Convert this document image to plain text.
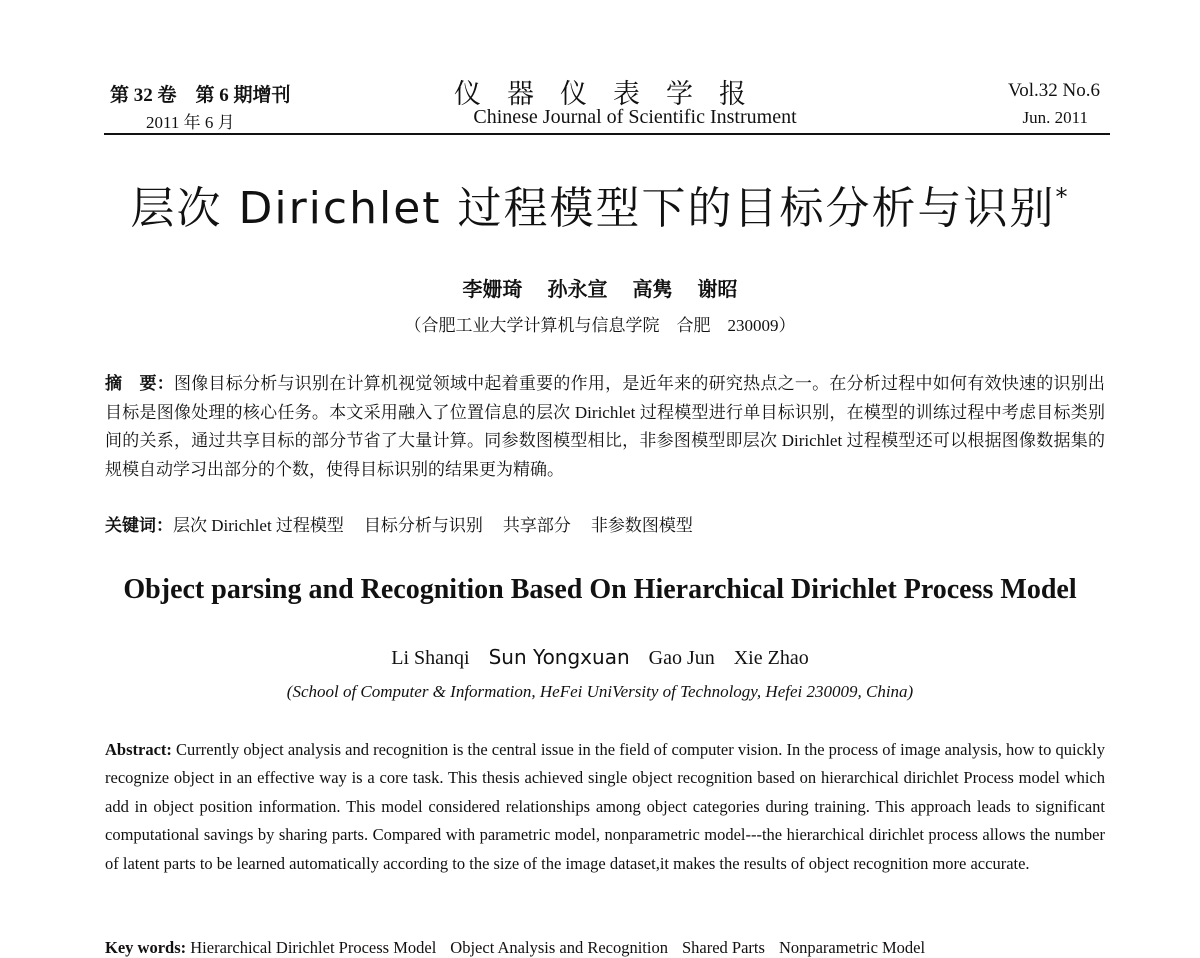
第 32 卷　第 6 期增刊
2011 年 6 月
仪器仪表学报
Chinese Journal of Scientific Instrument
Vol.32 No.6
Jun. 2011
层次 Dirichlet 过程模型下的目标分析与识别*
李姗琦 孙永宣 高隽 谢昭
（合肥工业大学计算机与信息学院　合肥　230009）
摘　要：图像目标分析与识别在计算机视觉领域中起着重要的作用，是近年来的研究热点之一。在分析过程中如何有效快速的识别出目标是图像处理的核心任务。本文采用融入了位置信息的层次 Dirichlet 过程模型进行单目标识别，在模型的训练过程中考虑目标类别间的关系，通过共享目标的部分节省了大量计算。同参数图模型相比，非参图模型即层次 Dirichlet 过程模型还可以根据图像数据集的规模自动学习出部分的个数，使得目标识别的结果更为精确。
关键词：层次 Dirichlet 过程模型 目标分析与识别 共享部分 非参数图模型
Object parsing and Recognition Based On Hierarchical Dirichlet Process Model
Li Shanqi Sun Yongxuan Gao Jun Xie Zhao
(School of Computer & Information, HeFei UniVersity of Technology, Hefei 230009, China)
Abstract: Currently object analysis and recognition is the central issue in the field of computer vision. In the process of image analysis, how to quickly recognize object in an effective way is a core task. This thesis achieved single object recognition based on hierarchical dirichlet Process model which add in object position information. This model considered relationships among object categories during training. This approach leads to significant computational savings by sharing parts. Compared with parametric model, nonparametric model---the hierarchical dirichlet process allows the number of latent parts to be learned automatically according to the size of the image dataset,it makes the results of object recognition more accurate.
Key words: Hierarchical Dirichlet Process Model Object Analysis and Recognition Shared Parts Nonparametric Model
